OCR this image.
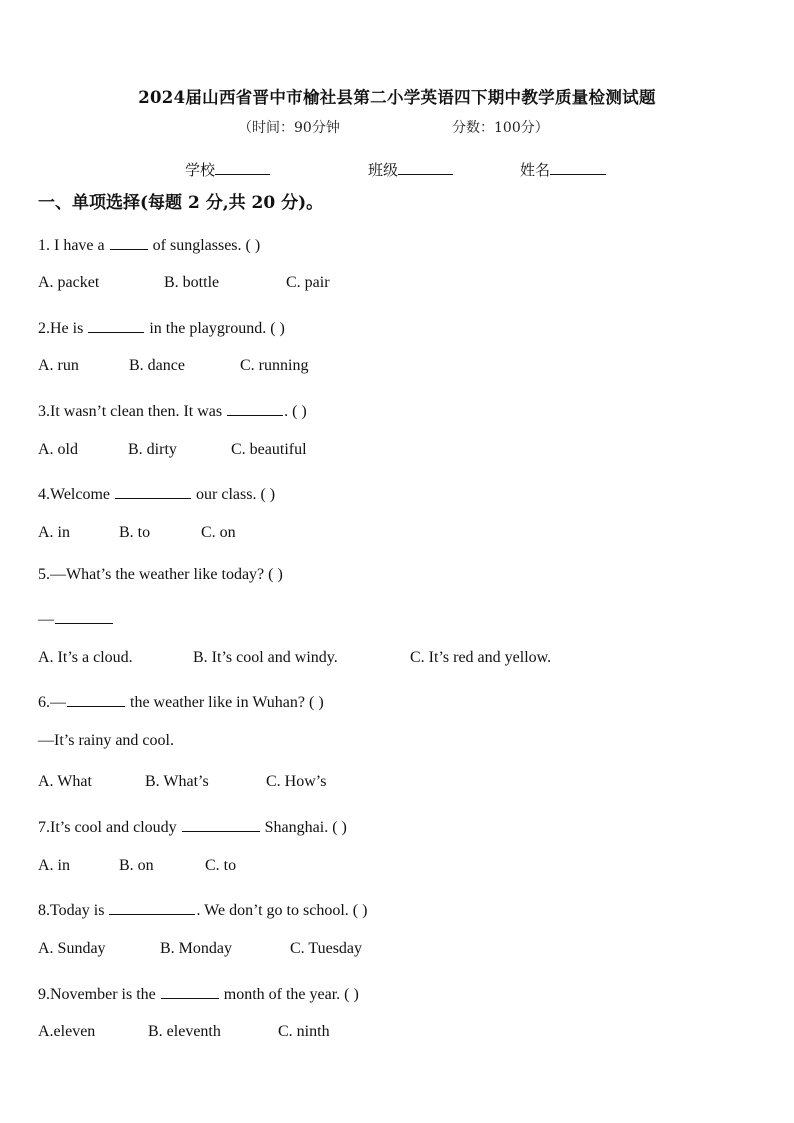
2024届山西省晋中市榆社县第二小学英语四下期中教学质量检测试题
（时间：90分钟	分数：100分）
学校	班级	姓名
一、单项选择(每题 2 分,共 20 分)。
1. I have a	of sunglasses. ( )
A. packet	B. bottle	C. pair
2.He is	in the playground. ( )
A. run	B. dance	C. running
3.It wasn’t clean then. It was	. ( )
A. old	B. dirty	C. beautiful
4.Welcome	our class. ( )
A. in	B. to	C. on
5.—What’s the weather like today? ( )
—
A. It’s a cloud.	B. It’s cool and windy.	C. It’s red and yellow.
6.—	the weather like in Wuhan? ( )
—It’s rainy and cool.
A. What	B. What’s	C. How’s
7.It’s cool and cloudy	Shanghai. ( )
A. in	B. on	C. to
8.Today is	. We don’t go to school. ( )
A. Sunday	B. Monday	C. Tuesday
9.November is the	month of the year. ( )
A.eleven	B. eleventh	C. ninth
